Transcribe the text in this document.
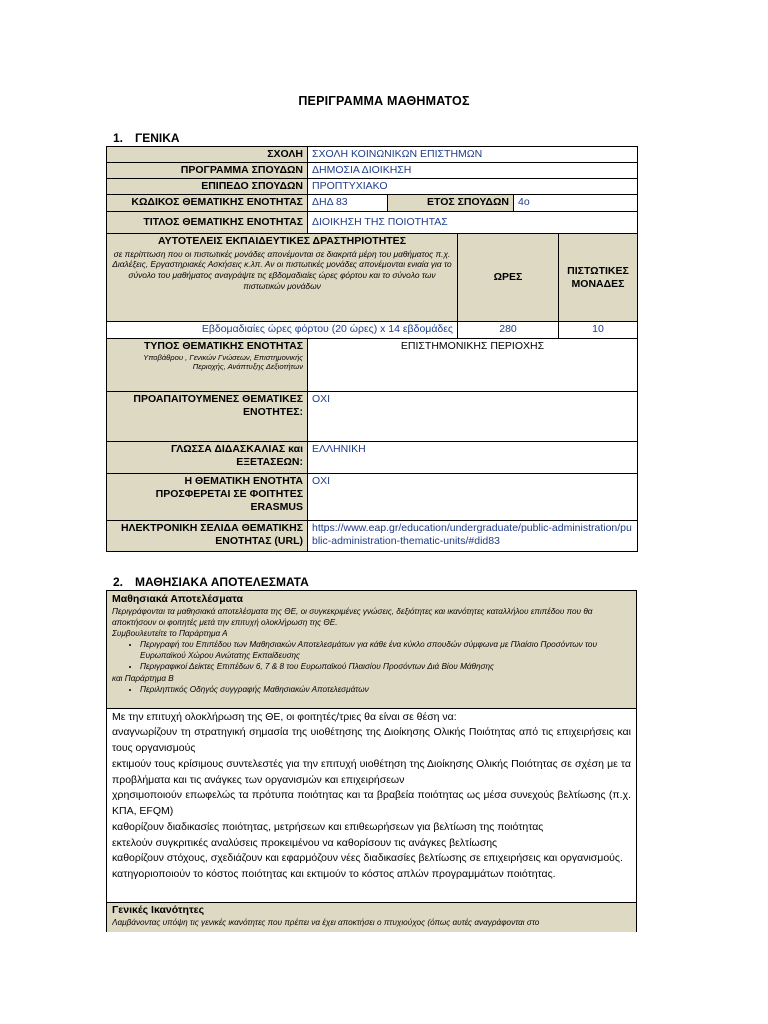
ΠΕΡΙΓΡΑΜΜΑ ΜΑΘΗΜΑΤΟΣ
1. ΓΕΝΙΚΑ
ΣΧΟΛΗ	ΣΧΟΛΗ ΚΟΙΝΩΝΙΚΩΝ ΕΠΙΣΤΗΜΩΝ				
ΠΡΟΓΡΑΜΜΑ ΣΠΟΥΔΩΝ	ΔΗΜΟΣΙΑ ΔΙΟΙΚΗΣΗ				
ΕΠΙΠΕΔΟ ΣΠΟΥΔΩΝ	ΠΡΟΠΤΥΧΙΑΚΟ				
ΚΩΔΙΚΟΣ ΘΕΜΑΤΙΚΗΣ ΕΝΟΤΗΤΑΣ	ΔΗΔ 83	ΕΤΟΣ ΣΠΟΥΔΩΝ		4ο	
ΤΙΤΛΟΣ ΘΕΜΑΤΙΚΗΣ ΕΝΟΤΗΤΑΣ	ΔΙΟΙΚΗΣΗ ΤΗΣ ΠΟΙΟΤΗΤΑΣ				

ΑΥΤΟΤΕΛΕΙΣ ΕΚΠΑΙΔΕΥΤΙΚΕΣ ΔΡΑΣΤΗΡΙΟΤΗΤΕΣ
σε περίπτωση που οι πιστωτικές μονάδες απονέμονται σε διακριτά μέρη του μαθήματος π.χ. Διαλέξεις, Εργαστηριακές Ασκήσεις κ.λπ. Αν οι πιστωτικές μονάδες απονέμονται ενιαία για το σύνολο του μαθήματος αναγράψτε τις εβδομαδιαίες ώρες φόρτου και το σύνολο των πιστωτικών μονάδων			ΩΡΕΣ		ΠΙΣΤΩΤΙΚΕΣ ΜΟΝΑΔΕΣ
Εβδομαδιαίες ώρες φόρτου (20 ώρες) x 14 εβδομάδες			280		10

ΤΥΠΟΣ ΘΕΜΑΤΙΚΗΣ ΕΝΟΤΗΤΑΣ
Υποβάθρου , Γενικών Γνώσεων, Επιστημονικής Περιοχής, Ανάπτυξης Δεξιοτήτων	ΕΠΙΣΤΗΜΟΝΙΚΗΣ ΠΕΡΙΟΧΗΣ				
ΠΡΟΑΠΑΙΤΟΥΜΕΝΕΣ ΘΕΜΑΤΙΚΕΣ ΕΝΟΤΗΤΕΣ:	ΟΧΙ				
ΓΛΩΣΣΑ ΔΙΔΑΣΚΑΛΙΑΣ και ΕΞΕΤΑΣΕΩΝ:	ΕΛΛΗΝΙΚΗ				
Η ΘΕΜΑΤΙΚΗ ΕΝΟΤΗΤΑ ΠΡΟΣΦΕΡΕΤΑΙ ΣΕ ΦΟΙΤΗΤΕΣ ERASMUS	ΟΧΙ				
ΗΛΕΚΤΡΟΝΙΚΗ ΣΕΛΙΔΑ ΘΕΜΑΤΙΚΗΣ ΕΝΟΤΗΤΑΣ (URL)	https://www.eap.gr/education/undergraduate/public-administration/public-administration-thematic-units/#did83				
2. ΜΑΘΗΣΙΑΚΑ ΑΠΟΤΕΛΕΣΜΑΤΑ
Μαθησιακά Αποτελέσματα
Περιγράφονται τα μαθησιακά αποτελέσματα της ΘΕ, οι συγκεκριμένες γνώσεις, δεξιότητες και ικανότητες καταλλήλου επιπέδου που θα αποκτήσουν οι φοιτητές μετά την επιτυχή ολοκλήρωση της ΘΕ.
Συμβουλευτείτε το Παράρτημα Α
• Περιγραφή του Επιπέδου των Μαθησιακών Αποτελεσμάτων για κάθε ένα κύκλο σπουδών σύμφωνα με Πλαίσιο Προσόντων του Ευρωπαϊκού Χώρου Ανώτατης Εκπαίδευσης
• Περιγραφικοί Δείκτες Επιπέδων 6, 7 & 8 του Ευρωπαϊκού Πλαισίου Προσόντων Διά Βίου Μάθησης
και Παράρτημα Β
• Περιληπτικός Οδηγός συγγραφής Μαθησιακών Αποτελεσμάτων

Με την επιτυχή ολοκλήρωση της ΘΕ, οι φοιτητές/τριες θα είναι σε θέση να:

αναγνωρίζουν τη στρατηγική σημασία της υιοθέτησης της Διοίκησης Ολικής Ποιότητας από τις επιχειρήσεις και τους οργανισμούς

εκτιμούν τους κρίσιμους συντελεστές για την επιτυχή υιοθέτηση της Διοίκησης Ολικής Ποιότητας σε σχέση με τα προβλήματα και τις ανάγκες των οργανισμών και επιχειρήσεων

χρησιμοποιούν επωφελώς τα πρότυπα ποιότητας και τα βραβεία ποιότητας ως μέσα συνεχούς βελτίωσης (π.χ. ΚΠΑ, EFQM)

καθορίζουν διαδικασίες ποιότητας, μετρήσεων και επιθεωρήσεων για βελτίωση της ποιότητας

εκτελούν συγκριτικές αναλύσεις προκειμένου να καθορίσουν τις ανάγκες βελτίωσης

καθορίζουν στόχους, σχεδιάζουν και εφαρμόζουν νέες διαδικασίες βελτίωσης σε επιχειρήσεις και οργανισμούς.

κατηγοριοποιούν το κόστος ποιότητας και εκτιμούν το κόστος απλών προγραμμάτων ποιότητας.

Γενικές Ικανότητες
Λαμβάνοντας υπόψη τις γενικές ικανότητες που πρέπει να έχει αποκτήσει ο πτυχιούχος (όπως αυτές αναγράφονται στο
